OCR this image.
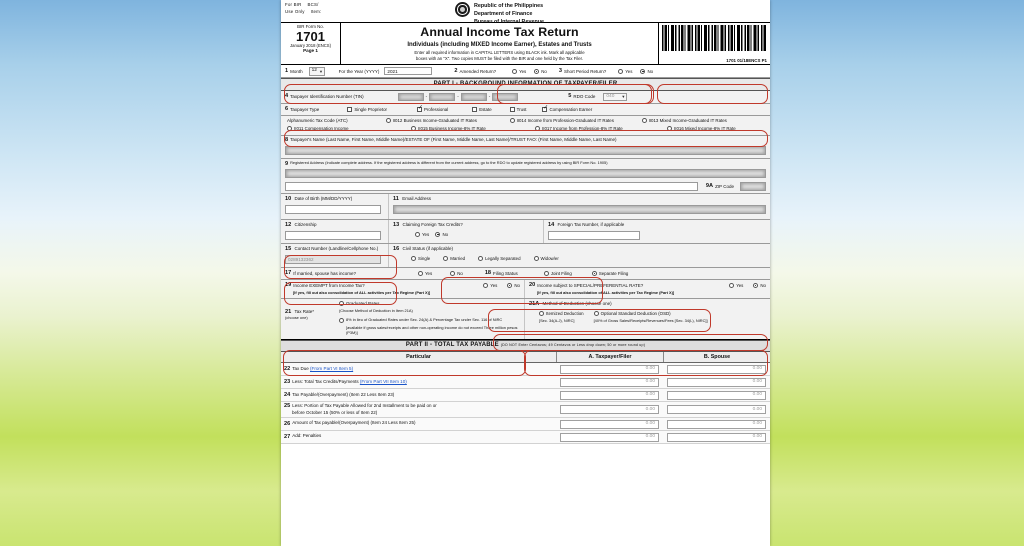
For BIR BCS/
Use Only Item:
Republic of the Philippines
Department of Finance
Bureau of Internal Revenue
BIR Form No.
1701
January 2018 (ENCS)
Page 1
Annual Income Tax Return
Individuals (including MIXED Income Earner), Estates and Trusts
Enter all required information in CAPITAL LETTERS using BLACK ink. Mark all applicable
boxes with an "X". Two copies MUST be filed with the BIR and one held by the Tax Filer.	1701 01/18ENCS P1
1 Month 12 ▼	For the Year (YYYY) 2021	2 Amended Return?	Yes	No 3 Short Period Return?	Yes	No
PART I - BACKGROUND INFORMATION OF TAXPAYER/FILER
4 Taxpayer Identification Number (TIN)	-	-	-	5 RDO Code 040 ▼
6 Taxpayer Type	Single Proprietor ✓	Professional	Estate	Trust ✓	Compensation Earner
Alphanumeric Tax Code (ATC)	II012 Business Income-Graduated IT Rates	II014 Income from Profession-Graduated IT Rates	II013 Mixed Income-Graduated IT Rates
II011 Compensation Income	II015 Business Income-8% IT Rate	II017 Income from Profession-8% IT Rate	II016 Mixed Income-8% IT Rate
8 Taxpayer's Name (Last Name, First Name, Middle Name)/ESTATE OF (First Name, Middle Name, Last Name)/TRUST FAO: (First Name, Middle Name, Last Name)
9 Registered Address (Indicate complete address. If the registered address is different from the current address, go to the RDO to update registered address by using BIR Form No. 1905)
9A ZIP Code
10 Date of Birth (MM/DD/YYYY)	11 Email Address
12 Citizenship	13 Claiming Foreign Tax Credits?
Yes
	No
14 Foreign Tax Number, if applicable
15 Contact Number (Landline/Cellphone No.)
0289132362
16 Civil Status (if applicable)
Single	Married	Legally Separated	Widow/er
17 If married, spouse has income?	Yes	No	18 Filing Status	Joint Filing	Separate Filing
19 Income EXEMPT from Income Tax?	Yes	No
[If yes, fill out also consolidation of ALL activities per Tax Regime (Part X)]
20 Income subject to SPECIAL/PREFERENTIAL RATE?	Yes	No
[If yes, fill out also consolidation of ALL activities per Tax Regime (Part X)]
21 Tax Rate*
(choose one)
Graduated Rates
(Choose Method of Deduction in Item 21A)
8% in lieu of Graduated Rates under Sec. 24(A) & Percentage Tax under Sec. 116 of NIRC
[available if gross sales/receipts and other non-operating income do not exceed Three million pesos (P3M)]
21A Method of Deduction (choose one)
Itemized Deduction
[Sec. 34(A-J), NIRC]
Optional Standard Deduction (OSD)
[40% of Gross Sales/Receipts/Revenues/Fees [Sec. 34(L), NIRC]]
PART II - TOTAL TAX PAYABLE (DO NOT Enter Centavos; 49 Centavos or Less drop down; 50 or more round up)
Particular	A. Taxpayer/Filer	B. Spouse
22 Tax Due (From Part VI Item 5)	0.00	0.00
23 Less: Total Tax Credits/Payments (From Part VII Item 10)	0.00	0.00
24 Tax Payable/(Overpayment) (Item 22 Less Item 23)	0.00	0.00
25 Less: Portion of Tax Payable Allowed for 2nd Installment to be paid on or
before October 15 (50% or less of Item 22)
0.00	0.00
26 Amount of Tax payable/(Overpayment) (Item 24 Less Item 25)	0.00	0.00
27 Add: Penalties	0.00	0.00
